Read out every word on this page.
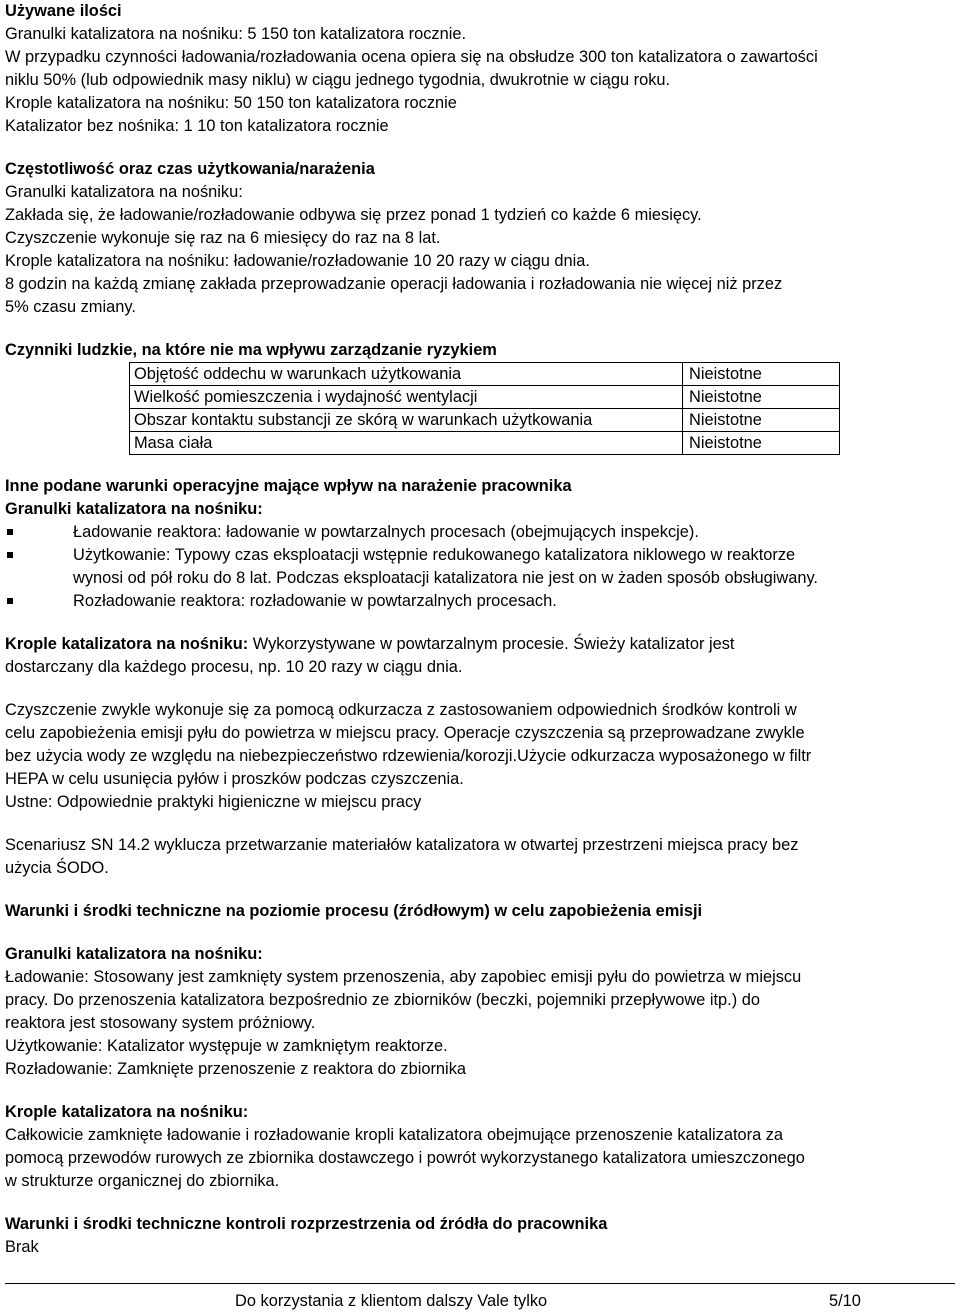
Używane ilości

Granulki katalizatora na nośniku: 5 150 ton katalizatora rocznie.

W przypadku czynności ładowania/rozładowania ocena opiera się na obsłudze 300 ton katalizatora o zawartości

niklu 50% (lub odpowiednik masy niklu) w ciągu jednego tygodnia, dwukrotnie w ciągu roku.

Krople katalizatora na nośniku: 50 150 ton katalizatora rocznie

Katalizator bez nośnika: 1 10 ton katalizatora rocznie

Częstotliwość oraz czas użytkowania/narażenia

Granulki katalizatora na nośniku:

Zakłada się, że ładowanie/rozładowanie odbywa się przez ponad 1 tydzień co każde 6 miesięcy.

Czyszczenie wykonuje się raz na 6 miesięcy do raz na 8 lat.

Krople katalizatora na nośniku: ładowanie/rozładowanie 10 20 razy w ciągu dnia.

8 godzin na każdą zmianę zakłada przeprowadzanie operacji ładowania i rozładowania nie więcej niż przez

5% czasu zmiany.

Czynniki ludzkie, na które nie ma wpływu zarządzanie ryzykiem
Objętość oddechu w warunkach użytkowania	Nieistotne
Wielkość pomieszczenia i wydajność wentylacji	Nieistotne
Obszar kontaktu substancji ze skórą w warunkach użytkowania	Nieistotne
Masa ciała	Nieistotne
Inne podane warunki operacyjne mające wpływ na narażenie pracownika
Granulki katalizatora na nośniku:
Ładowanie reaktora: ładowanie w powtarzalnych procesach (obejmujących inspekcje).
Użytkowanie: Typowy czas eksploatacji wstępnie redukowanego katalizatora niklowego w reaktorze
wynosi od pół roku do 8 lat. Podczas eksploatacji katalizatora nie jest on w żaden sposób obsługiwany.
Rozładowanie reaktora: rozładowanie w powtarzalnych procesach.

Krople katalizatora na nośniku: Wykorzystywane w powtarzalnym procesie. Świeży katalizator jest

dostarczany dla każdego procesu, np. 10 20 razy w ciągu dnia.

Czyszczenie zwykle wykonuje się za pomocą odkurzacza z zastosowaniem odpowiednich środków kontroli w

celu zapobieżenia emisji pyłu do powietrza w miejscu pracy. Operacje czyszczenia są przeprowadzane zwykle

bez użycia wody ze względu na niebezpieczeństwo rdzewienia/korozji.Użycie odkurzacza wyposażonego w filtr

HEPA w celu usunięcia pyłów i proszków podczas czyszczenia.

Ustne: Odpowiednie praktyki higieniczne w miejscu pracy

Scenariusz SN 14.2 wyklucza przetwarzanie materiałów katalizatora w otwartej przestrzeni miejsca pracy bez

użycia ŚODO.

Warunki i środki techniczne na poziomie procesu (źródłowym) w celu zapobieżenia emisji
Granulki katalizatora na nośniku:

Ładowanie: Stosowany jest zamknięty system przenoszenia, aby zapobiec emisji pyłu do powietrza w miejscu

pracy. Do przenoszenia katalizatora bezpośrednio ze zbiorników (beczki, pojemniki przepływowe itp.) do

reaktora jest stosowany system próżniowy.

Użytkowanie: Katalizator występuje w zamkniętym reaktorze.

Rozładowanie: Zamknięte przenoszenie z reaktora do zbiornika

Krople katalizatora na nośniku:

Całkowicie zamknięte ładowanie i rozładowanie kropli katalizatora obejmujące przenoszenie katalizatora za

pomocą przewodów rurowych ze zbiornika dostawczego i powrót wykorzystanego katalizatora umieszczonego

w strukturze organicznej do zbiornika.

Warunki i środki techniczne kontroli rozprzestrzenia od źródła do pracownika

Brak

Do korzystania z klientom dalszy Vale tylko	5/10
